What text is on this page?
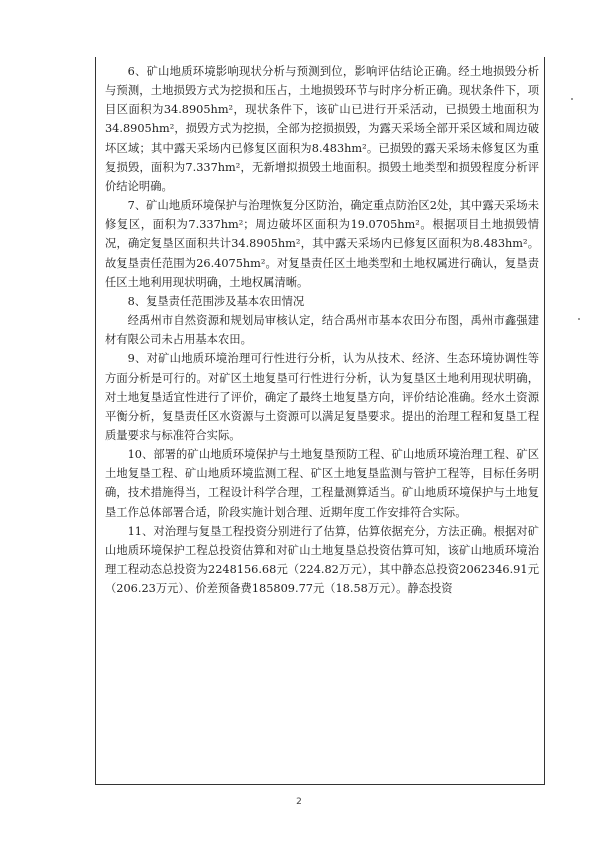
6、矿山地质环境影响现状分析与预测到位，影响评估结论正确。经土地损毁分析与预测，土地损毁方式为挖损和压占，土地损毁环节与时序分析正确。现状条件下，项目区面积为34.8905hm²，现状条件下，该矿山已进行开采活动，已损毁土地面积为34.8905hm²，损毁方式为挖损，全部为挖损损毁，为露天采场全部开采区域和周边破坏区域；其中露天采场内已修复区面积为8.483hm²。已损毁的露天采场未修复区为重复损毁，面积为7.337hm²，无新增拟损毁土地面积。损毁土地类型和损毁程度分析评价结论明确。

7、矿山地质环境保护与治理恢复分区防治，确定重点防治区2处，其中露天采场未修复区，面积为7.337hm²；周边破坏区面积为19.0705hm²。根据项目土地损毁情况，确定复垦区面积共计34.8905hm²，其中露天采场内已修复区面积为8.483hm²。故复垦责任范围为26.4075hm²。对复垦责任区土地类型和土地权属进行确认，复垦责任区土地利用现状明确，土地权属清晰。

8、复垦责任范围涉及基本农田情况

经禹州市自然资源和规划局审核认定，结合禹州市基本农田分布图，禹州市鑫强建材有限公司未占用基本农田。

9、对矿山地质环境治理可行性进行分析，认为从技术、经济、生态环境协调性等方面分析是可行的。对矿区土地复垦可行性进行分析，认为复垦区土地利用现状明确，对土地复垦适宜性进行了评价，确定了最终土地复垦方向，评价结论准确。经水土资源平衡分析，复垦责任区水资源与土资源可以满足复垦要求。提出的治理工程和复垦工程质量要求与标准符合实际。

10、部署的矿山地质环境保护与土地复垦预防工程、矿山地质环境治理工程、矿区土地复垦工程、矿山地质环境监测工程、矿区土地复垦监测与管护工程等，目标任务明确，技术措施得当，工程设计科学合理，工程量测算适当。矿山地质环境保护与土地复垦工作总体部署合适，阶段实施计划合理、近期年度工作安排符合实际。

11、对治理与复垦工程投资分别进行了估算，估算依据充分，方法正确。根据对矿山地质环境保护工程总投资估算和对矿山土地复垦总投资估算可知，该矿山地质环境治理工程动态总投资为2248156.68元（224.82万元），其中静态总投资2062346.91元（206.23万元）、价差预备费185809.77元（18.58万元）。静态投资

2
